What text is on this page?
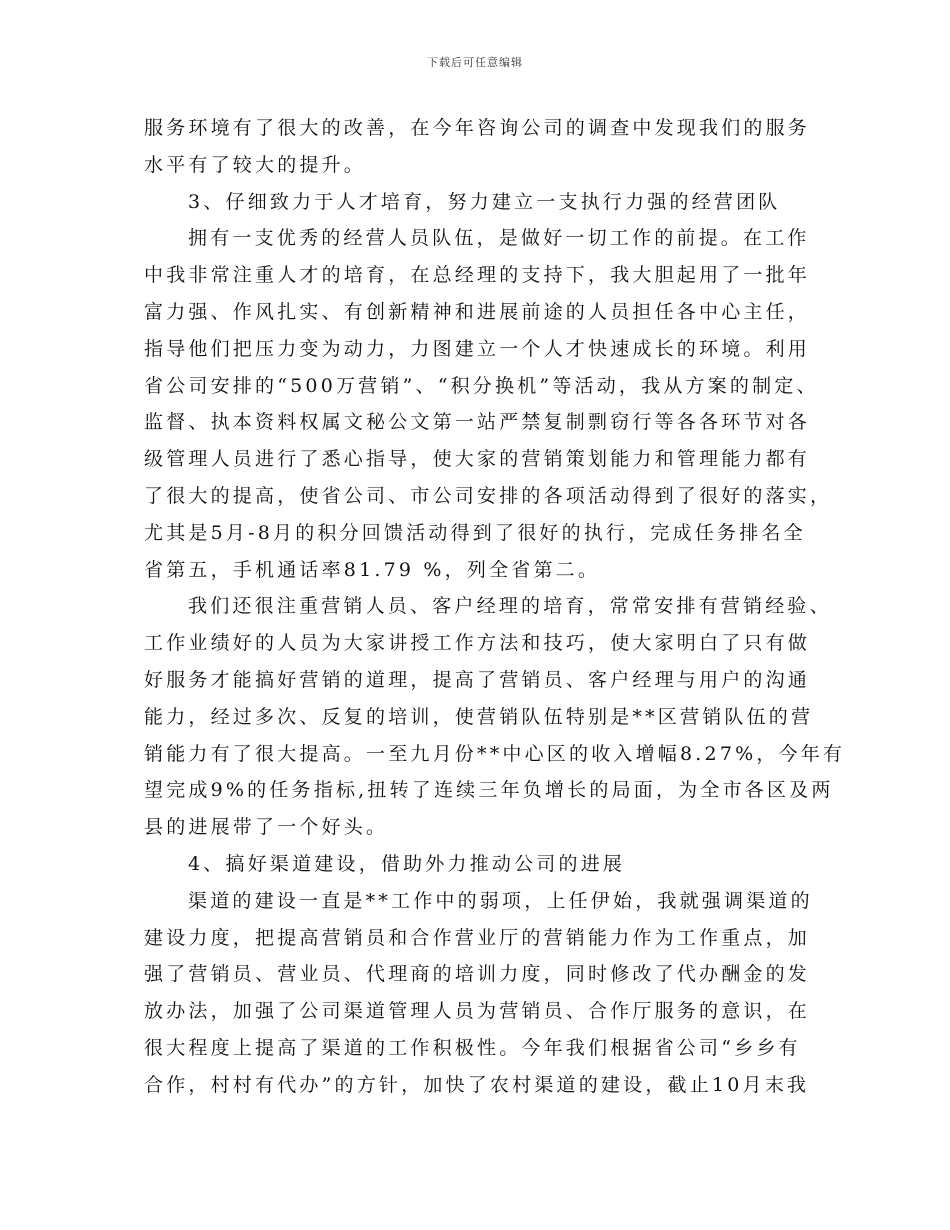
下载后可任意编辑
服务环境有了很大的改善，在今年咨询公司的调查中发现我们的服务
水平有了较大的提升。
3、仔细致力于人才培育，努力建立一支执行力强的经营团队
拥有一支优秀的经营人员队伍，是做好一切工作的前提。在工作
中我非常注重人才的培育，在总经理的支持下，我大胆起用了一批年
富力强、作风扎实、有创新精神和进展前途的人员担任各中心主任，
指导他们把压力变为动力，力图建立一个人才快速成长的环境。利用
省公司安排的“500万营销”、“积分换机”等活动，我从方案的制定、
监督、执本资料权属文秘公文第一站严禁复制剽窃行等各各环节对各
级管理人员进行了悉心指导，使大家的营销策划能力和管理能力都有
了很大的提高，使省公司、市公司安排的各项活动得到了很好的落实，
尤其是5月-8月的积分回馈活动得到了很好的执行，完成任务排名全
省第五，手机通话率81.79 %，列全省第二。
我们还很注重营销人员、客户经理的培育，常常安排有营销经验、
工作业绩好的人员为大家讲授工作方法和技巧，使大家明白了只有做
好服务才能搞好营销的道理，提高了营销员、客户经理与用户的沟通
能力，经过多次、反复的培训，使营销队伍特别是**区营销队伍的营
销能力有了很大提高。一至九月份**中心区的收入增幅8.27%，今年有
望完成9%的任务指标,扭转了连续三年负增长的局面，为全市各区及两
县的进展带了一个好头。
4、搞好渠道建设，借助外力推动公司的进展
渠道的建设一直是**工作中的弱项，上任伊始，我就强调渠道的
建设力度，把提高营销员和合作营业厅的营销能力作为工作重点，加
强了营销员、营业员、代理商的培训力度，同时修改了代办酬金的发
放办法，加强了公司渠道管理人员为营销员、合作厅服务的意识，在
很大程度上提高了渠道的工作积极性。今年我们根据省公司“乡乡有
合作，村村有代办”的方针，加快了农村渠道的建设，截止10月末我
